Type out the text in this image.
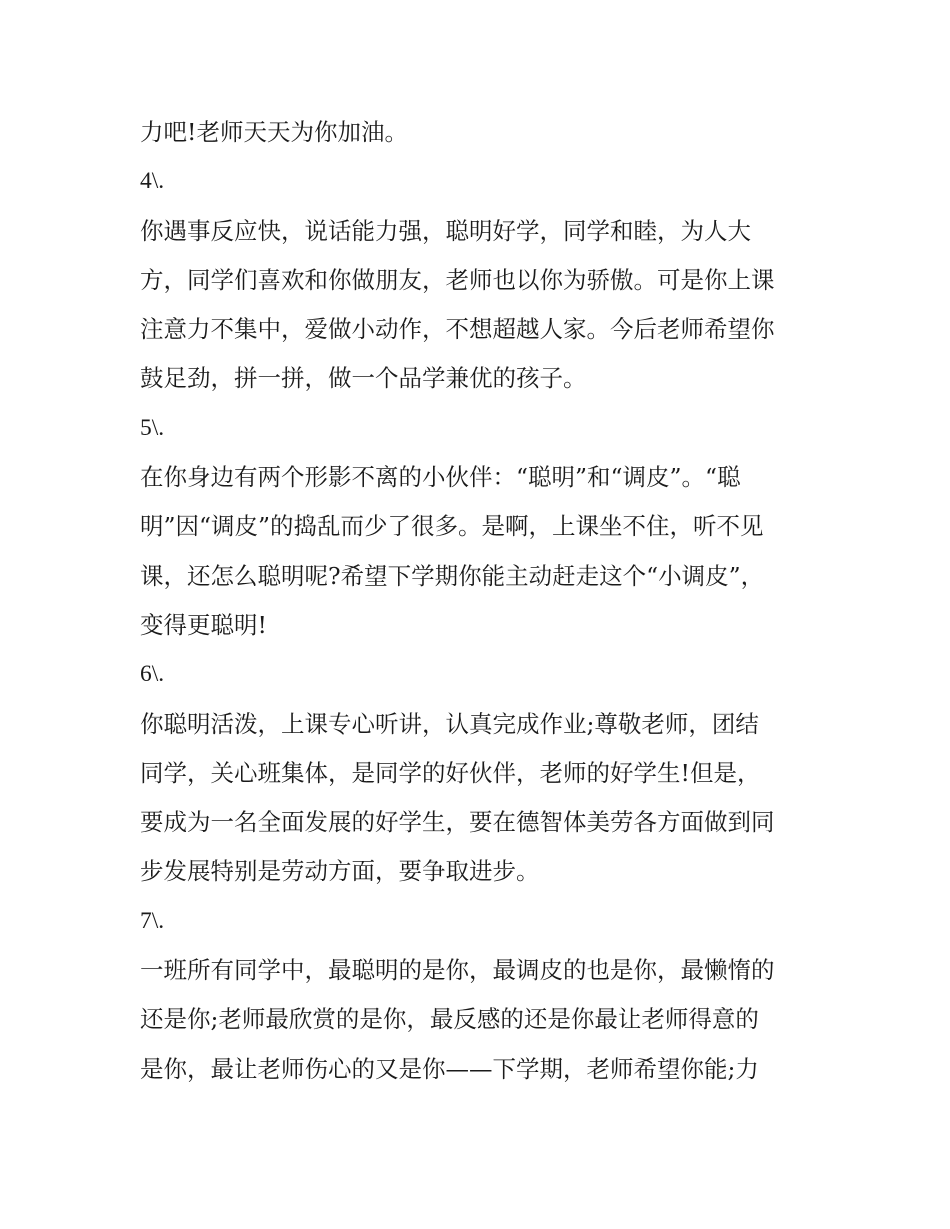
力吧!老师天天为你加油。
4\.
你遇事反应快，说话能力强，聪明好学，同学和睦，为人大
方，同学们喜欢和你做朋友，老师也以你为骄傲。可是你上课
注意力不集中，爱做小动作，不想超越人家。今后老师希望你
鼓足劲，拼一拼，做一个品学兼优的孩子。
5\.
在你身边有两个形影不离的小伙伴：“聪明”和“调皮”。“聪
明”因“调皮”的捣乱而少了很多。是啊，上课坐不住，听不见
课，还怎么聪明呢?希望下学期你能主动赶走这个“小调皮”，
变得更聪明!
6\.
你聪明活泼，上课专心听讲，认真完成作业;尊敬老师，团结
同学，关心班集体，是同学的好伙伴，老师的好学生!但是，
要成为一名全面发展的好学生，要在德智体美劳各方面做到同
步发展特别是劳动方面，要争取进步。
7\.
一班所有同学中，最聪明的是你，最调皮的也是你，最懒惰的
还是你;老师最欣赏的是你，最反感的还是你最让老师得意的
是你，最让老师伤心的又是你——下学期，老师希望你能;力
